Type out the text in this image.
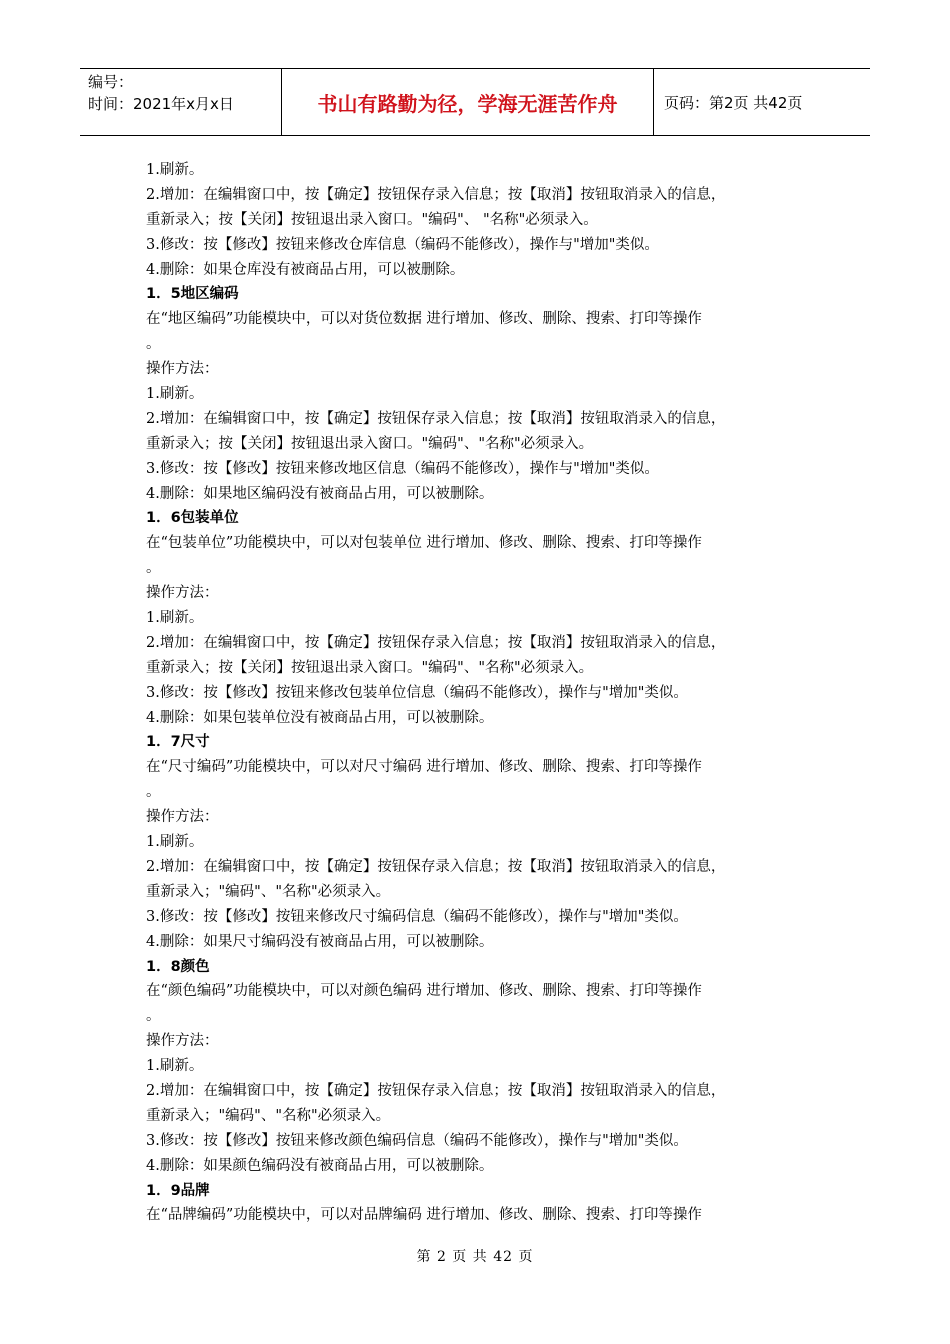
编号：
时间：2021年x月x日	书山有路勤为径，学海无涯苦作舟	页码：第2页 共42页
1.刷新。
2.增加：在编辑窗口中，按【确定】按钮保存录入信息；按【取消】按钮取消录入的信息，
重新录入；按【关闭】按钮退出录入窗口。"编码"、 "名称"必须录入。
3.修改：按【修改】按钮来修改仓库信息（编码不能修改），操作与"增加"类似。
4.删除：如果仓库没有被商品占用，可以被删除。
1．5地区编码
在“地区编码”功能模块中，可以对货位数据 进行增加、修改、删除、搜索、打印等操作
。
操作方法：
1.刷新。
2.增加：在编辑窗口中，按【确定】按钮保存录入信息；按【取消】按钮取消录入的信息，
重新录入；按【关闭】按钮退出录入窗口。"编码"、"名称"必须录入。
3.修改：按【修改】按钮来修改地区信息（编码不能修改），操作与"增加"类似。
4.删除：如果地区编码没有被商品占用，可以被删除。
1．6包装单位
在“包装单位”功能模块中，可以对包装单位 进行增加、修改、删除、搜索、打印等操作
。
操作方法：
1.刷新。
2.增加：在编辑窗口中，按【确定】按钮保存录入信息；按【取消】按钮取消录入的信息，
重新录入；按【关闭】按钮退出录入窗口。"编码"、"名称"必须录入。
3.修改：按【修改】按钮来修改包装单位信息（编码不能修改），操作与"增加"类似。
4.删除：如果包装单位没有被商品占用，可以被删除。
1．7尺寸
在“尺寸编码”功能模块中，可以对尺寸编码 进行增加、修改、删除、搜索、打印等操作
。
操作方法：
1.刷新。
2.增加：在编辑窗口中，按【确定】按钮保存录入信息；按【取消】按钮取消录入的信息，
重新录入；"编码"、"名称"必须录入。
3.修改：按【修改】按钮来修改尺寸编码信息（编码不能修改），操作与"增加"类似。
4.删除：如果尺寸编码没有被商品占用，可以被删除。
1．8颜色
在“颜色编码”功能模块中，可以对颜色编码 进行增加、修改、删除、搜索、打印等操作
。
操作方法：
1.刷新。
2.增加：在编辑窗口中，按【确定】按钮保存录入信息；按【取消】按钮取消录入的信息，
重新录入；"编码"、"名称"必须录入。
3.修改：按【修改】按钮来修改颜色编码信息（编码不能修改），操作与"增加"类似。
4.删除：如果颜色编码没有被商品占用，可以被删除。
1．9品牌
在“品牌编码”功能模块中，可以对品牌编码 进行增加、修改、删除、搜索、打印等操作
第 2 页 共 42 页
